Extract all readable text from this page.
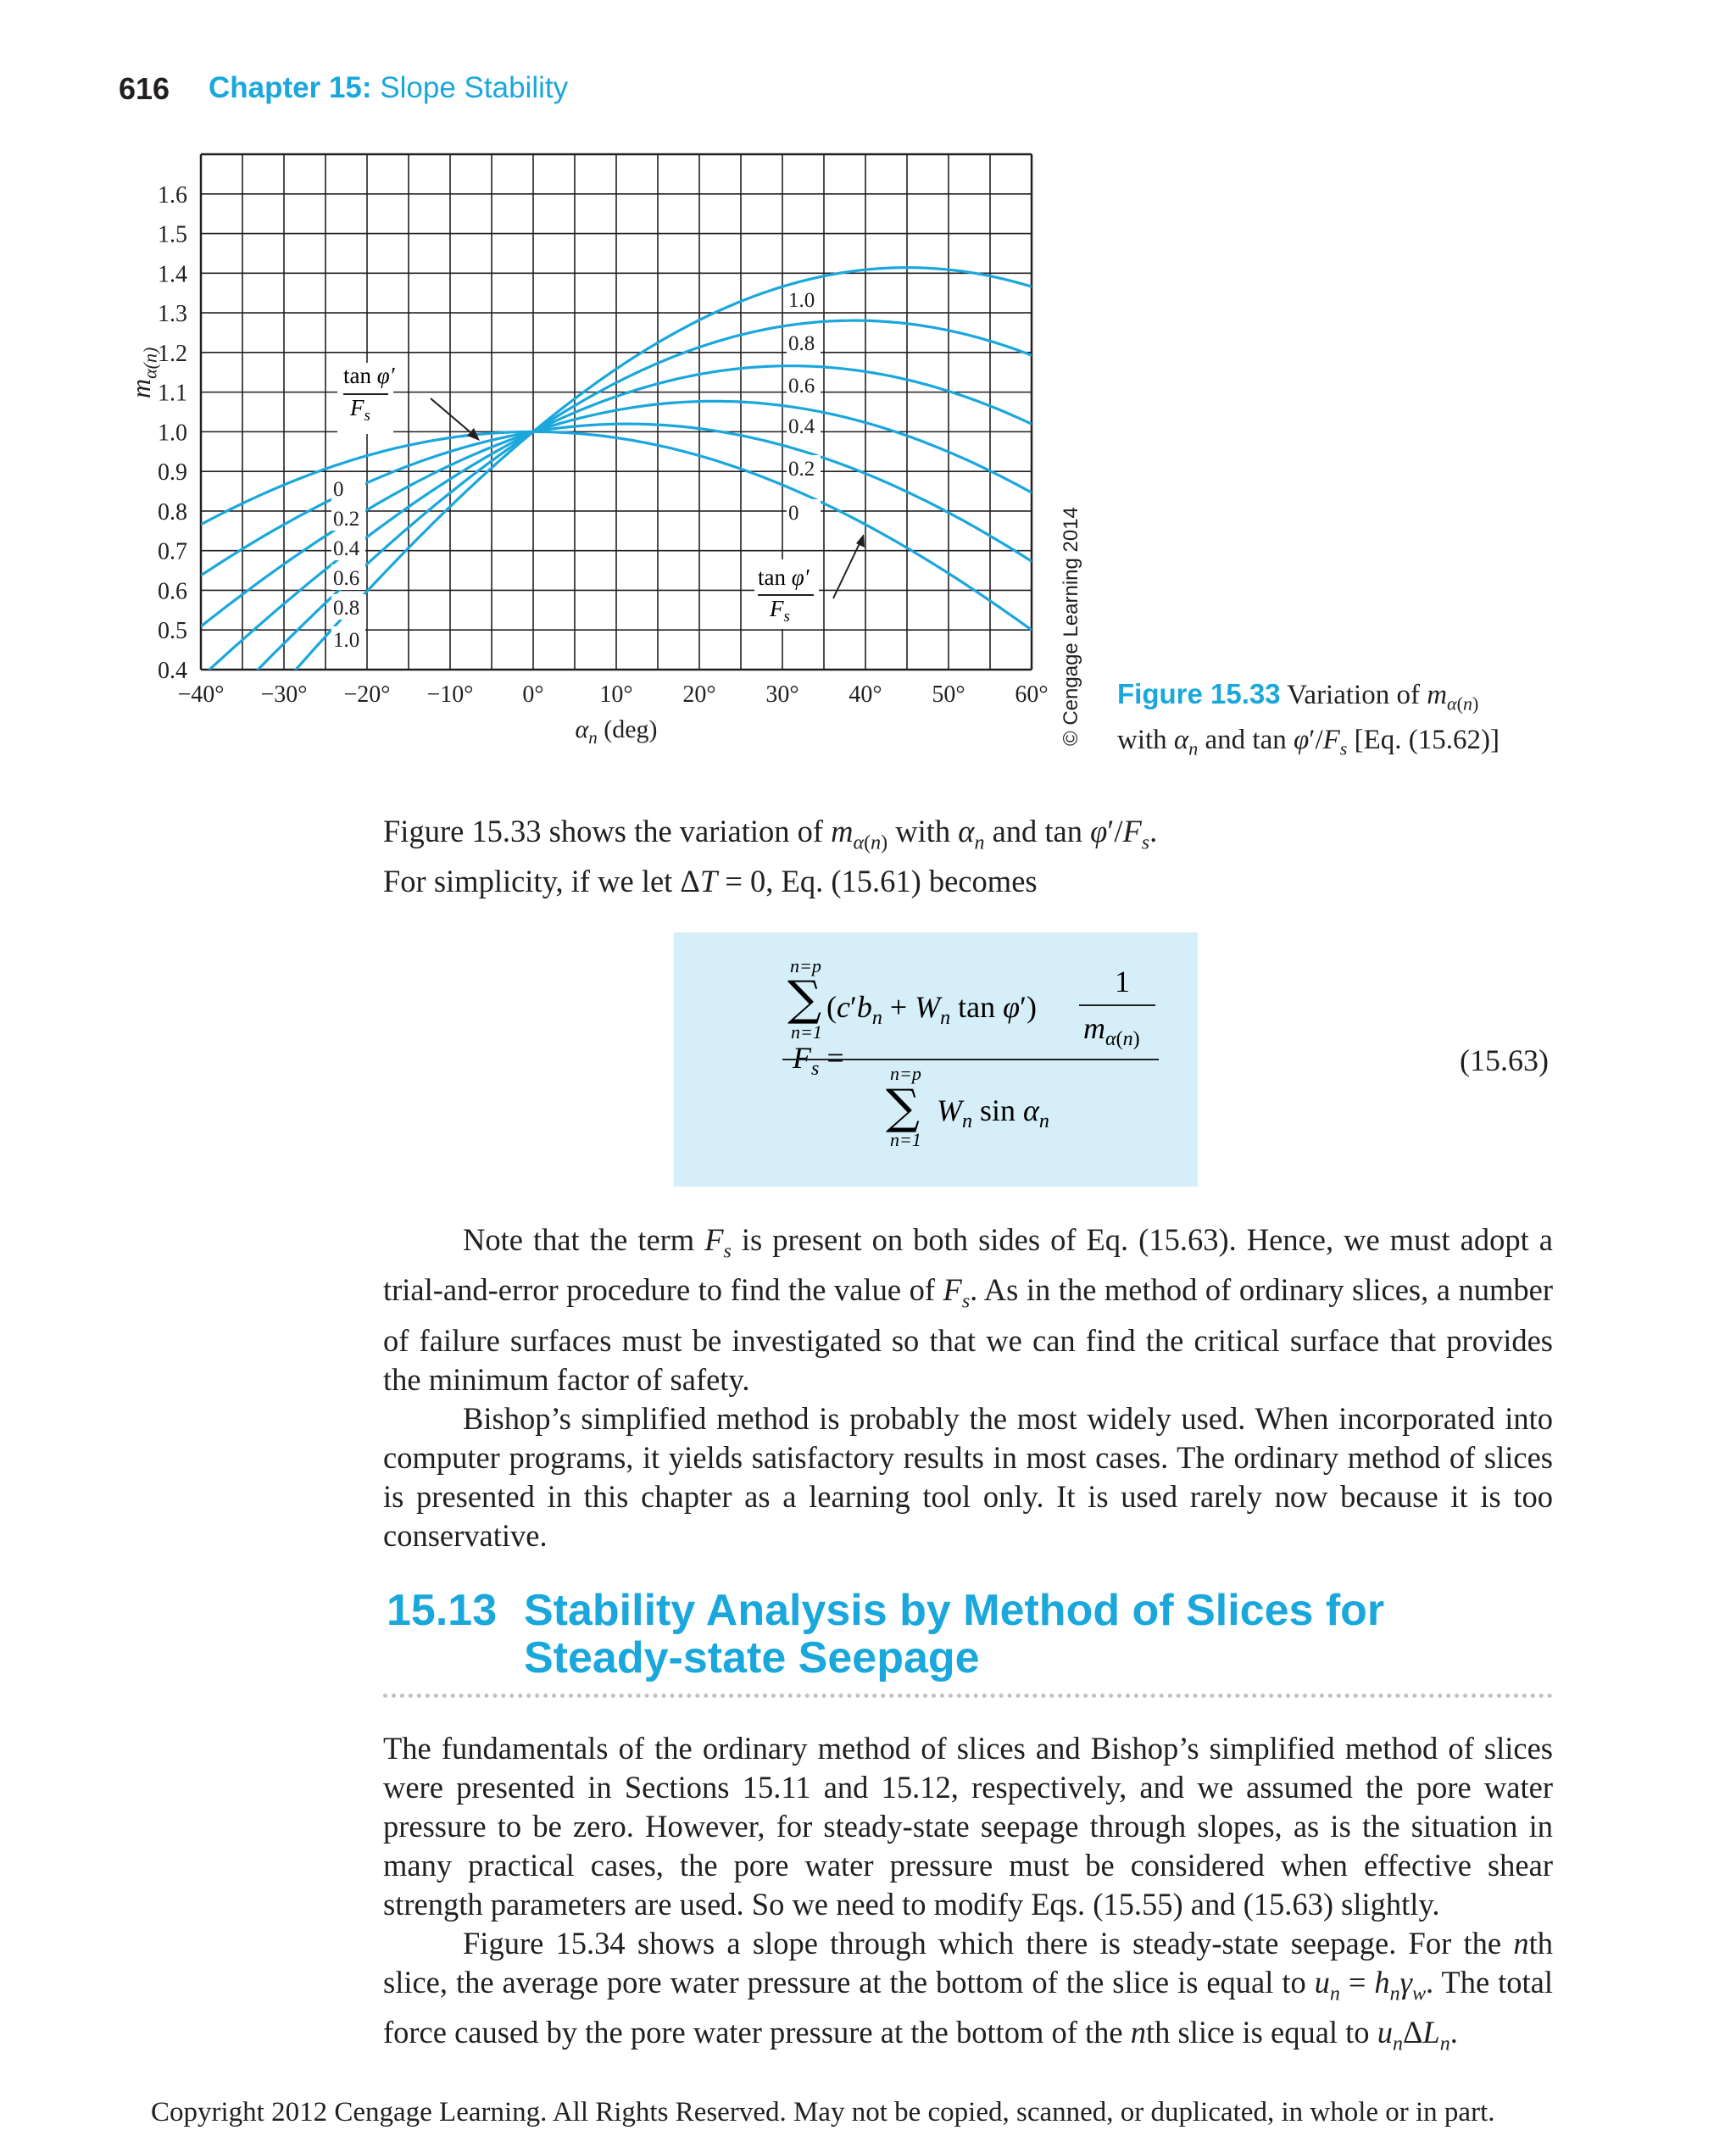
616 Chapter 15: Slope Stability
0
0
0.2
0.2
0.4
0.4
0.6
0.6
0.8
0.8
1.0
1.0
0.4
0.5
0.6
0.7
0.8
0.9
1.0
1.1
1.2
1.3
1.4
1.5
1.6
−40° −30° −20° −10° 0° 10° 20° 30° 40° 50° 60°
$\alpha_n$ (deg)
tan φ′
$F_s$
tan φ′
$F_s$
$m_{\alpha(n)}$
© Cengage Learning 2014 Figure 15.33 Variation of $m_{\alpha(n)}$
with $\alpha_n$ and $\tan \varphi'/F_s$ [Eq. (15.62)]
Figure 15.33 shows the variation of $m_{\alpha(n)}$ with $\alpha_n$ and $\tan \varphi'/F_s$.
For simplicity, if we let ΔT = 0, Eq. (15.61) becomes
$F_s$ =
n=p
∑
n=1
($c'b_n + W_n$ tan φ′)
1
$m_\alpha(n)$
n=p
∑
n=1
$W_n$ $\sin \alpha_n$
(15.63)
Note that the term $F_s$ is present on both sides of Eq. (15.63). Hence, we must adopt a trial-and-error procedure to find the value of $F_s$. As in the method of ordinary slices, a number of failure surfaces must be investigated so that we can find the critical surface that provides the minimum factor of safety.
Bishop’s simplified method is probably the most widely used. When incorporated into computer programs, it yields satisfactory results in most cases. The ordinary method of slices is presented in this chapter as a learning tool only. It is used rarely now because it is too conservative.
15.13 Stability Analysis by Method of Slices for
Steady-state Seepage
The fundamentals of the ordinary method of slices and Bishop’s simplified method of slices were presented in Sections 15.11 and 15.12, respectively, and we assumed the pore water pressure to be zero. However, for steady-state seepage through slopes, as is the situation in many practical cases, the pore water pressure must be considered when effective shear strength parameters are used. So we need to modify Eqs. (15.55) and (15.63) slightly.
Figure 15.34 shows a slope through which there is steady-state seepage. For the nth slice, the average pore water pressure at the bottom of the slice is equal to $u_n = h_n\gamma_w$. The total force caused by the pore water pressure at the bottom of the nth slice is equal to $u_n\Delta L_n$.
Copyright 2012 Cengage Learning. All Rights Reserved. May not be copied, scanned, or duplicated, in whole or in part.
